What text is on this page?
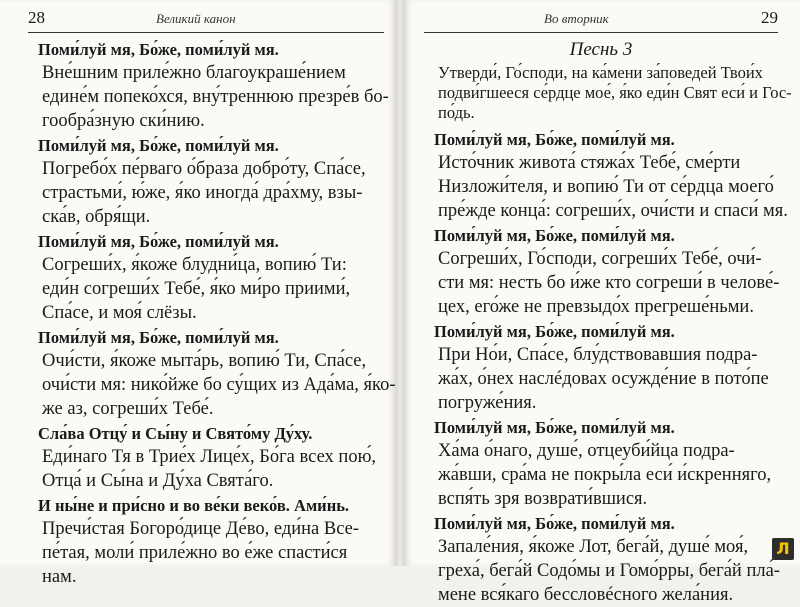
28	Великий канон
Поми́луй мя, Бо́же, поми́луй мя.
Вне́шним приле́жно благоукраше́нием
едине́м попеко́хся, вну́треннюю презре́в бо-
гообра́зную ски́нию.
Поми́луй мя, Бо́же, поми́луй мя.
Погребо́х пе́рваго о́браза добро́ту, Спа́се,
страстьми́, ю́же, я́ко иногда́ дра́хму, взы-
ска́в, обря́щи.
Поми́луй мя, Бо́же, поми́луй мя.
Согреши́х, я́коже блудни́ца, вопию́ Ти:
еди́н согреши́х Тебе́, я́ко ми́ро приими́,
Спа́се, и моя́ слёзы.
Поми́луй мя, Бо́же, поми́луй мя.
Очи́сти, я́коже мыта́рь, вопию́ Ти, Спа́се,
очи́сти мя: нико́йже бо су́щих из Ада́ма, я́ко-
же аз, согреши́х Тебе́.
Сла́ва Отцу́ и Сы́ну и Свято́му Ду́ху.
Еди́наго Тя в Трие́х Лице́х, Бо́га всех пою́,
Отца́ и Сы́на и Ду́ха Свята́го.
И ны́не и при́сно и во ве́ки веко́в. Ами́нь.
Пречи́стая Богоро́дице Де́во, еди́на Все-
пе́тая, моли́ приле́жно во е́же спасти́ся
нам.
Во вторник	29
Песнь 3
Утверди́, Го́споди, на ка́мени за́поведей Твои́х
подви́гшееся се́рдце мое́, я́ко еди́н Свят еси́ и Гос-
по́дь.
Поми́луй мя, Бо́же, поми́луй мя.
Исто́чник живота́ стяжа́х Тебе́, сме́рти
Низложи́теля, и вопию́ Ти от се́рдца моего́
пре́жде конца́: согреши́х, очи́сти и спаси́ мя.
Поми́луй мя, Бо́же, поми́луй мя.
Согреши́х, Го́споди, согреши́х Тебе́, очи́-
сти мя: несть бо и́же кто согреши́ в челове́-
цех, его́же не превзыдо́х прегреше́ньми.
Поми́луй мя, Бо́же, поми́луй мя.
При Но́и, Спа́се, блу́дствовавшия подра-
жа́х, о́нех наслéдовах осужде́ние в пото́пе
погруже́ния.
Поми́луй мя, Бо́же, поми́луй мя.
Ха́ма о́наго, душе́, отцеуби́йца подра-
жа́вши, сра́ма не покры́ла еси́ и́скренняго,
вспя́ть зря возврати́вшися.
Поми́луй мя, Бо́же, поми́луй мя.
Запале́ния, я́коже Лот, бега́й, душе́ моя́,
греха́, бега́й Содо́мы и Гомо́рры, бега́й пла́-
мене вся́каго бессловéсного жела́ния.
Л
